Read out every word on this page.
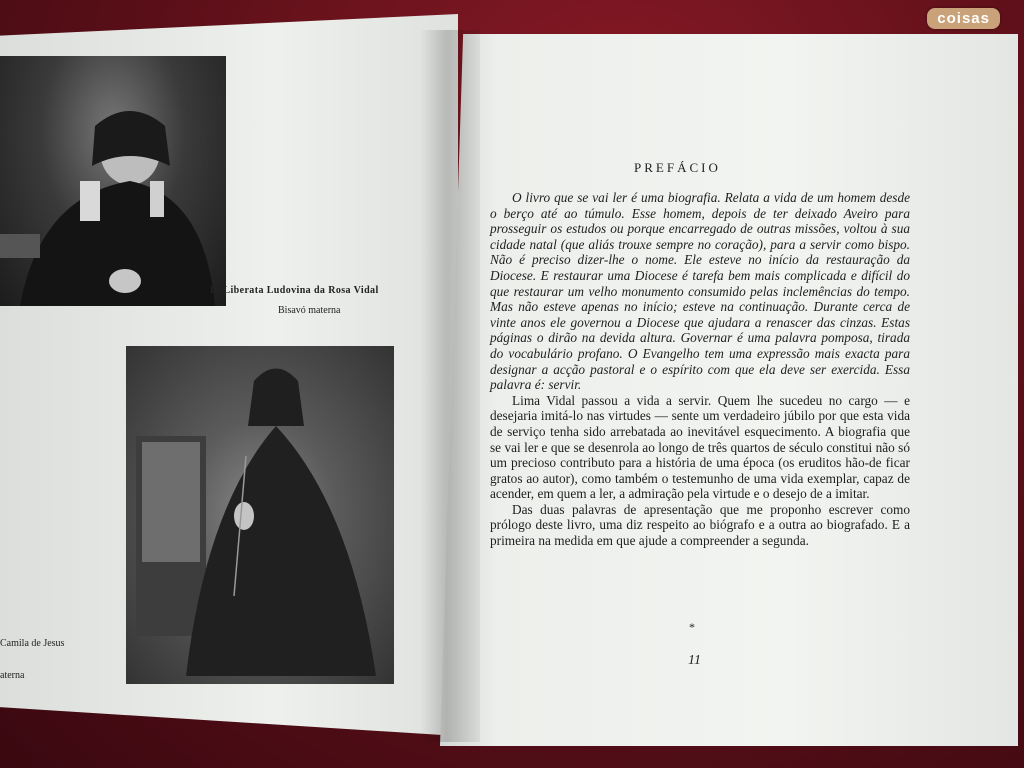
D. Liberata Ludovina da Rosa Vidal
Bisavó materna
Camila de Jesus
aterna
PREFÁCIO

O livro que se vai ler é uma biografia. Relata a vida de um homem desde o berço até ao túmulo. Esse homem, depois de ter deixado Aveiro para prosseguir os estudos ou porque encarregado de outras missões, voltou à sua cidade natal (que aliás trouxe sempre no coração), para a servir como bispo. Não é preciso dizer-lhe o nome. Ele esteve no início da restauração da Diocese. E restaurar uma Diocese é tarefa bem mais complicada e difícil do que restaurar um velho monumento consumido pelas inclemências do tempo. Mas não esteve apenas no início; esteve na continuação. Durante cerca de vinte anos ele governou a Diocese que ajudara a renascer das cinzas. Estas páginas o dirão na devida altura. Governar é uma palavra pomposa, tirada do vocabulário profano. O Evangelho tem uma expressão mais exacta para designar a acção pastoral e o espírito com que ela deve ser exercida. Essa palavra é: servir.

Lima Vidal passou a vida a servir. Quem lhe sucedeu no cargo — e desejaria imitá-lo nas virtudes — sente um verdadeiro júbilo por que esta vida de serviço tenha sido arrebatada ao inevitável esquecimento. A biografia que se vai ler e que se desenrola ao longo de três quartos de século constitui não só um precioso contributo para a história de uma época (os eruditos hão-de ficar gratos ao autor), como também o testemunho de uma vida exemplar, capaz de acender, em quem a ler, a admiração pela virtude e o desejo de a imitar.

Das duas palavras de apresentação que me proponho escrever como prólogo deste livro, uma diz respeito ao biógrafo e a outra ao biografado. E a primeira na medida em que ajude a compreender a segunda.

*
11
coisas
